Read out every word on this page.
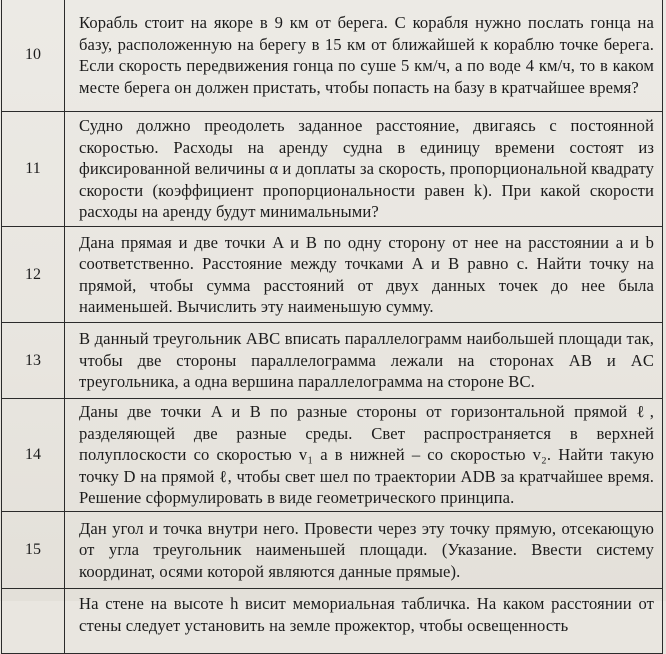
10	Корабль стоит на якоре в 9 км от берега. С корабля нужно послать гонца на базу, расположенную на берегу в 15 км от ближайшей к кораблю точке берега. Если скорость передвижения гонца по суше 5 км/ч, а по воде 4 км/ч, то в каком месте берега он должен пристать, чтобы попасть на базу в кратчайшее время?
11	Судно должно преодолеть заданное расстояние, двигаясь с постоянной скоростью. Расходы на аренду судна в единицу времени состоят из фиксированной величины α и доплаты за скорость, пропорциональной квадрату скорости (коэффициент пропорциональности равен k). При какой скорости расходы на аренду будут минимальными?
12	Дана прямая и две точки A и B по одну сторону от нее на расстоянии a и b соответственно. Расстояние между точками A и B равно c. Найти точку на прямой, чтобы сумма расстояний от двух данных точек до нее была наименьшей. Вычислить эту наименьшую сумму.
13	В данный треугольник ABC вписать параллелограмм наибольшей площади так, чтобы две стороны параллелограмма лежали на сторонах AB и AC треугольника, а одна вершина параллелограмма на стороне BC.
14	Даны две точки A и B по разные стороны от горизонтальной прямой ℓ, разделяющей две разные среды. Свет распространяется в верхней полуплоскости со скоростью v₁ а в нижней – со скоростью v₂. Найти такую точку D на прямой ℓ, чтобы свет шел по траектории ADB за кратчайшее время. Решение сформулировать в виде геометрического принципа.
15	Дан угол и точка внутри него. Провести через эту точку прямую, отсекающую от угла треугольник наименьшей площади. (Указание. Ввести систему координат, осями которой являются данные прямые).
	На стене на высоте h висит мемориальная табличка. На каком расстоянии от стены следует установить на земле прожектор, чтобы освещенность
